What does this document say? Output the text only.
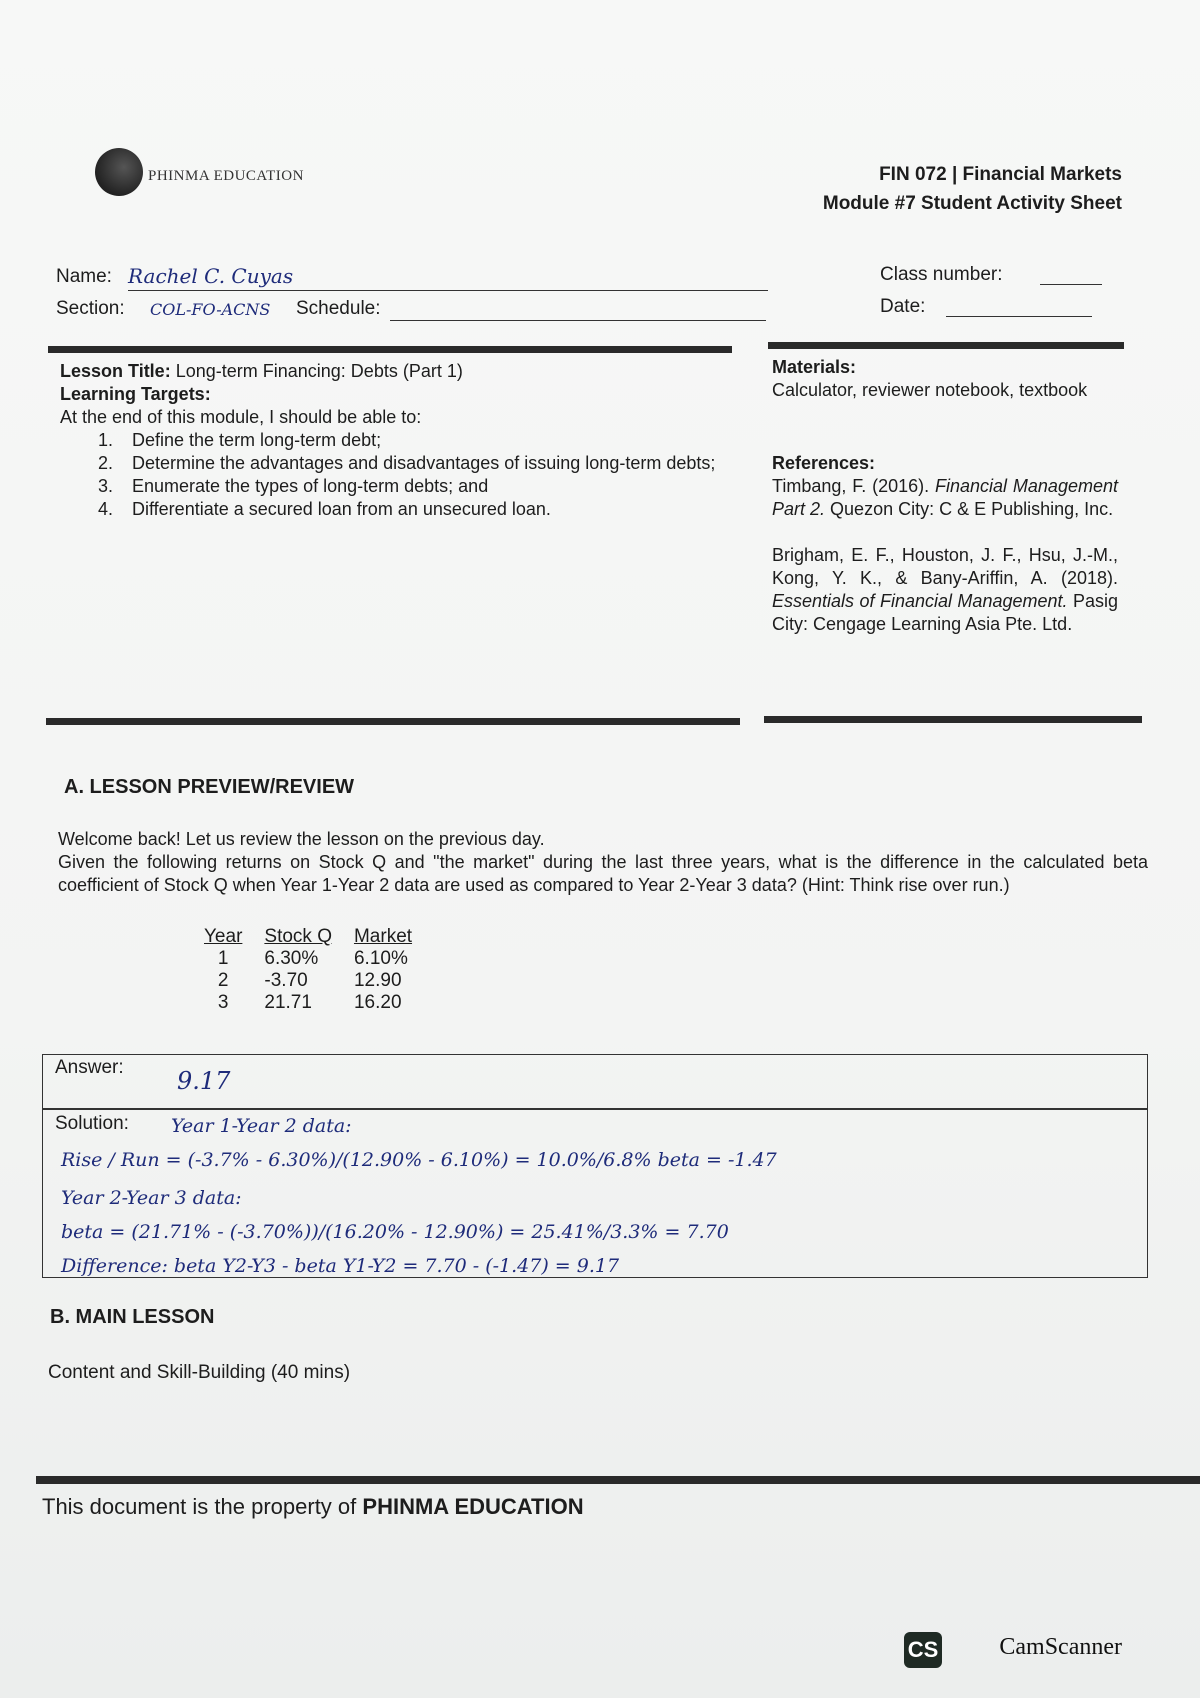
PHINMA EDUCATION	FIN 072 | Financial Markets
Module #7 Student Activity Sheet
Name: Rachel C. Cuyas
Section: COL-FO-ACNS Schedule:
Class number:
Date:
Lesson Title: Long-term Financing: Debts (Part 1)
Learning Targets:
At the end of this module, I should be able to:
1.	Define the term long-term debt;
2.	Determine the advantages and disadvantages of issuing long-term debts;
3.	Enumerate the types of long-term debts; and
4.	Differentiate a secured loan from an unsecured loan.
Materials:
Calculator, reviewer notebook, textbook
References:
Timbang, F. (2016). Financial Management Part 2. Quezon City: C & E Publishing, Inc.
Brigham, E. F., Houston, J. F., Hsu, J.-M., Kong, Y. K., & Bany-Ariffin, A. (2018). Essentials of Financial Management. Pasig City: Cengage Learning Asia Pte. Ltd.
A. LESSON PREVIEW/REVIEW
Welcome back! Let us review the lesson on the previous day.
Given the following returns on Stock Q and "the market" during the last three years, what is the difference in the calculated beta coefficient of Stock Q when Year 1-Year 2 data are used as compared to Year 2-Year 3 data? (Hint: Think rise over run.)
Year	Stock Q	Market
1	6.30%	6.10%
2	-3.70	12.90
3	21.71	16.20
Answer: 9.17
Solution: Year 1-Year 2 data:
Rise / Run = (-3.7% - 6.30%)/(12.90% - 6.10%) = 10.0%/6.8% beta = -1.47
Year 2-Year 3 data:
beta = (21.71% - (-3.70%))/(16.20% - 12.90%) = 25.41%/3.3% = 7.70
Difference: beta Y2-Y3 - beta Y1-Y2 = 7.70 - (-1.47) = 9.17
B. MAIN LESSON
Content and Skill-Building (40 mins)
This document is the property of PHINMA EDUCATION
CS	CamScanner
